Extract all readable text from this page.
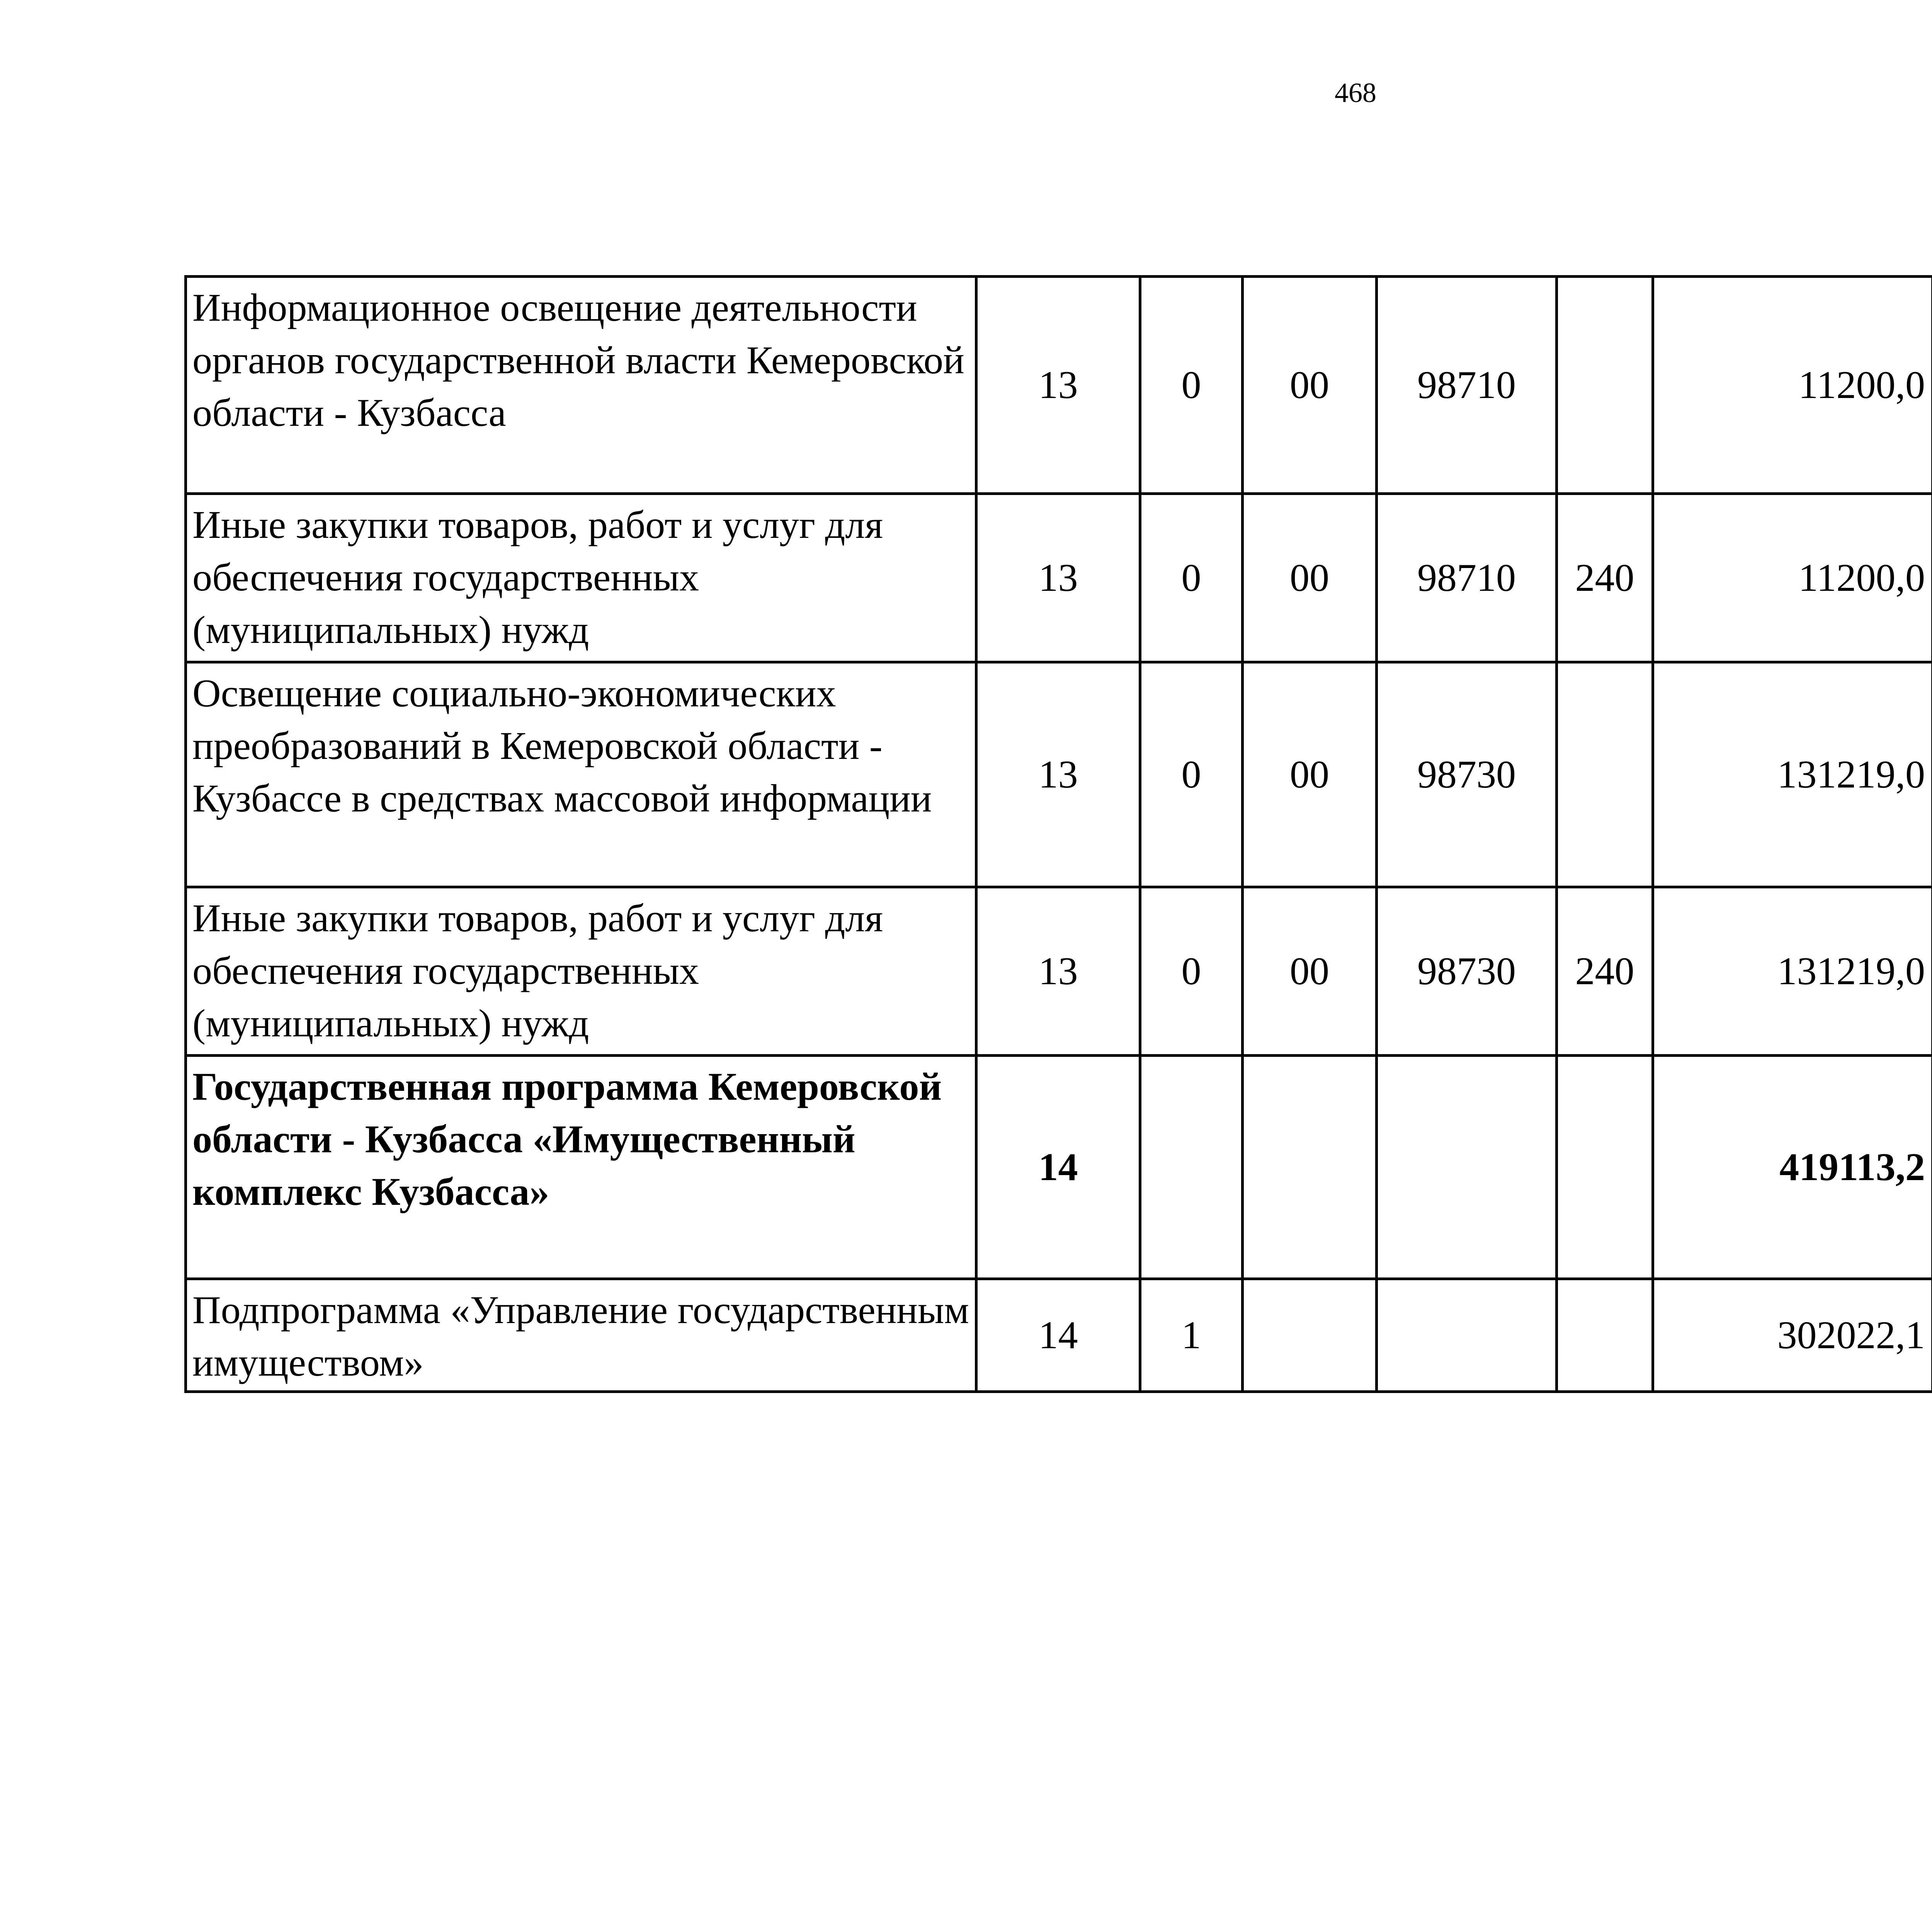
468
Информационное освещение деятельности органов государственной власти Кемеровской области - Кузбасса	13	0	00	98710		11200,0		
Иные закупки товаров, работ и услуг для обеспечения государственных (муниципальных) нужд	13	0	00	98710	240	11200,0		
Освещение социально-экономических преобразований в Кемеровской области - Кузбассе в средствах массовой информации	13	0	00	98730		131219,0		
Иные закупки товаров, работ и услуг для обеспечения государственных (муниципальных) нужд	13	0	00	98730	240	131219,0		
Государственная программа Кемеровской области - Кузбасса «Имущественный комплекс Кузбасса»	14					419113,2		
Подпрограмма «Управление государственным имуществом»	14	1				302022,1		
